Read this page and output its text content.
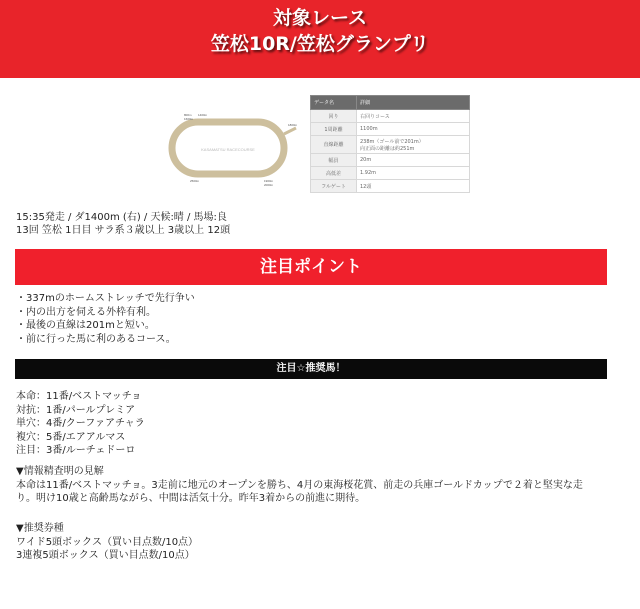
対象レース
笠松10R/笠松グランプリ
KASAMATSU RACECOURSE
800m 1400m
1600m
1800m
1900m
2000m
2500m
データ名	詳細
回り	右回りコース
1周距離	1100m
直線距離	238m（ゴール前で201m）
向正面の距離は約251m
幅員	20m
高低差	1.92m
フルゲート	12頭
15:35発走 / ダ1400m (右) / 天候:晴 / 馬場:良
13回 笠松 1日目 サラ系３歳以上 3歳以上 12頭
注目ポイント
・337mのホームストレッチで先行争い
・内の出方を伺える外枠有利。
・最後の直線は201mと短い。
・前に行った馬に利のあるコース。
注目☆推奨馬！
本命：11番/ベストマッチョ
対抗：1番/パールプレミア
単穴：4番/クーファアチャラ
複穴：5番/エアアルマス
注目：3番/ルーチェドーロ
▼情報精査明の見解
本命は11番/ベストマッチョ。3走前に地元のオープンを勝ち、4月の東海桜花賞、前走の兵庫ゴールドカップで２着と堅実な走
り。明け10歳と高齢馬ながら、中間は活気十分。昨年3着からの前進に期待。
▼推奨券種
ワイド5頭ボックス（買い目点数/10点）
3連複5頭ボックス（買い目点数/10点）
